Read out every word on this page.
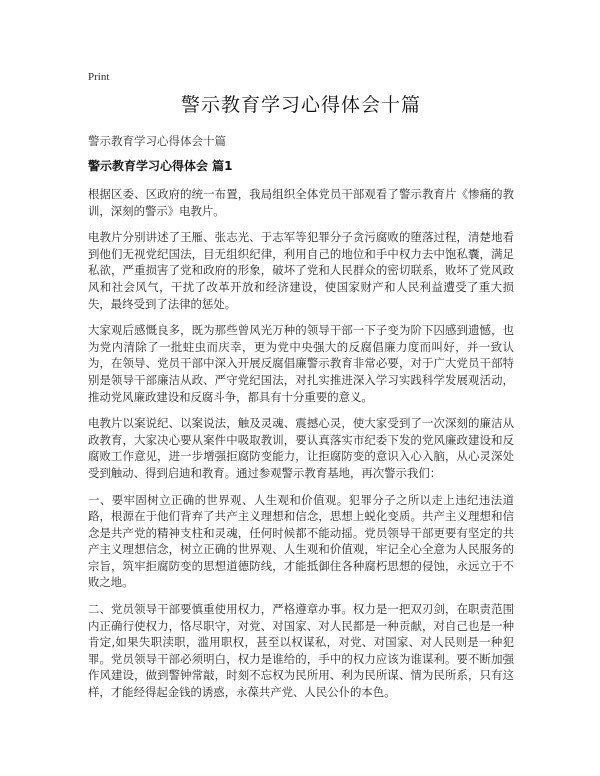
Print
警示教育学习心得体会十篇
警示教育学习心得体会十篇
警示教育学习心得体会 篇1

根据区委、区政府的统一布置，我局组织全体党员干部观看了警示教育片《惨痛的教训，深刻的警示》电教片。

电教片分别讲述了王雁、张志光、于志军等犯罪分子贪污腐败的堕落过程，清楚地看到他们无视党纪国法，目无组织纪律，利用自己的地位和手中权力去中饱私囊，满足私欲，严重损害了党和政府的形象，破坏了党和人民群众的密切联系，败坏了党风政风和社会风气，干扰了改革开放和经济建设，使国家财产和人民利益遭受了重大损失，最终受到了法律的惩处。

大家观后感慨良多，既为那些曾风光万种的领导干部一下子变为阶下囚感到遗憾，也为党内清除了一批蛀虫而庆幸，更为党中央强大的反腐倡廉力度而叫好，并一致认为，在领导、党员干部中深入开展反腐倡廉警示教育非常必要，对于广大党员干部特别是领导干部廉洁从政、严守党纪国法，对扎实推进深入学习实践科学发展观活动，推动党风廉政建设和反腐斗争，都具有十分重要的意义。

电教片以案说纪、以案说法，触及灵魂、震撼心灵，使大家受到了一次深刻的廉洁从政教育，大家决心要从案件中吸取教训，要认真落实市纪委下发的党风廉政建设和反腐败工作意见，进一步增强拒腐防变能力，让拒腐防变的意识入心入脑，从心灵深处受到触动、得到启迪和教育。通过参观警示教育基地，再次警示我们：

一、要牢固树立正确的世界观、人生观和价值观。犯罪分子之所以走上违纪违法道路，根源在于他们背弃了共产主义理想和信念，思想上蜕化变质。共产主义理想和信念是共产党的精神支柱和灵魂，任何时候都不能动摇。党员领导干部更要有坚定的共产主义理想信念，树立正确的世界观、人生观和价值观，牢记全心全意为人民服务的宗旨，筑牢拒腐防变的思想道德防线，才能抵御住各种腐朽思想的侵蚀，永远立于不败之地。

二、党员领导干部要慎重使用权力，严格遵章办事。权力是一把双刃剑，在职责范围内正确行使权力，恪尽职守，对党、对国家、对人民都是一种贡献，对自己也是一种肯定,如果失职渎职，滥用职权，甚至以权谋私，对党、对国家、对人民则是一种犯罪。党员领导干部必须明白，权力是谁给的，手中的权力应该为谁谋利。要不断加强作风建设，做到警钟常敲，时刻不忘权为民所用、利为民所谋、情为民所系，只有这样，才能经得起金钱的诱惑，永葆共产党、人民公仆的本色。
